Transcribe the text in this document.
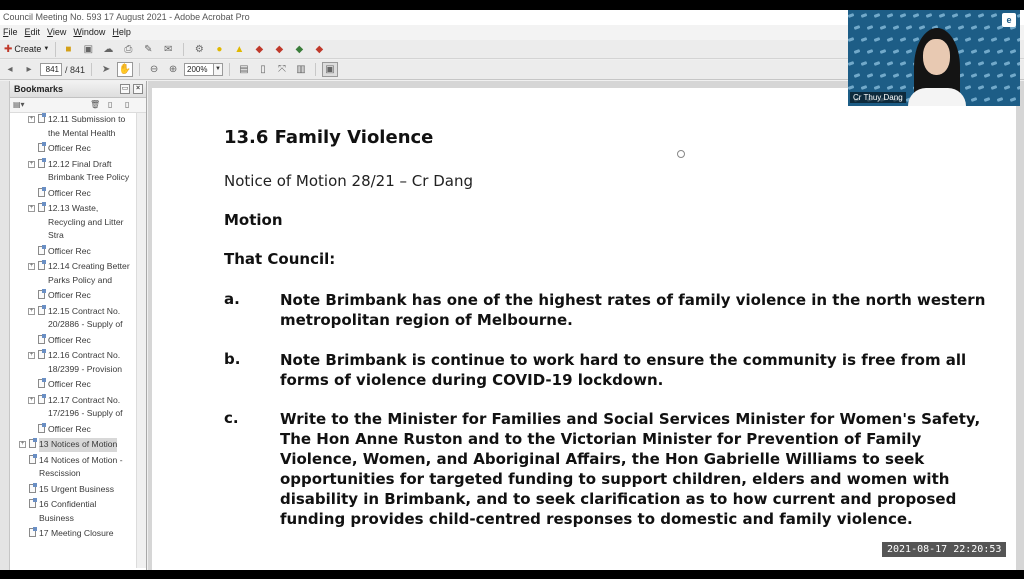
Council Meeting No. 593 17 August 2021 - Adobe Acrobat Pro
File Edit View Window Help
✚ Create ▼	■	▣	☁	⎙	✎	✉	⚙	●	▲	◆	◆	◆	◆
◂	▸	841 / 841	➤ ✋	⊖	⊕	200%	▼	▤	▯	⤧	▥	▣
Bookmarks	▭	×
▤▾	🗑 ▯ ▯
+ 12.11 Submission to
the Mental Health
Officer Rec
+ 12.12 Final Draft
Brimbank Tree Policy
Officer Rec
+ 12.13 Waste,
Recycling and Litter
Stra
Officer Rec
+ 12.14 Creating Better
Parks Policy and
Officer Rec
+ 12.15 Contract No.
20/2886 - Supply of
Officer Rec
+ 12.16 Contract No.
18/2399 - Provision
Officer Rec
+ 12.17 Contract No.
17/2196 - Supply of
Officer Rec
+ 13 Notices of Motion
14 Notices of Motion -
Rescission
15 Urgent Business
16 Confidential
Business
17 Meeting Closure
13.6 Family Violence
Notice of Motion 28/21 – Cr Dang
Motion
That Council:
a.	Note Brimbank has one of the highest rates of family violence in the north western metropolitan region of Melbourne.
b.	Note Brimbank is continue to work hard to ensure the community is free from all forms of violence during COVID-19 lockdown.
c.	Write to the Minister for Families and Social Services Minister for Women's Safety, The Hon Anne Ruston and to the Victorian Minister for Prevention of Family Violence, Women, and Aboriginal Affairs, the Hon Gabrielle Williams to seek opportunities for targeted funding to support children, elders and women with disability in Brimbank, and to seek clarification as to how current and proposed funding provides child-centred responses to domestic and family violence.
e
Cr Thuy Dang
2021-08-17 22:20:53
